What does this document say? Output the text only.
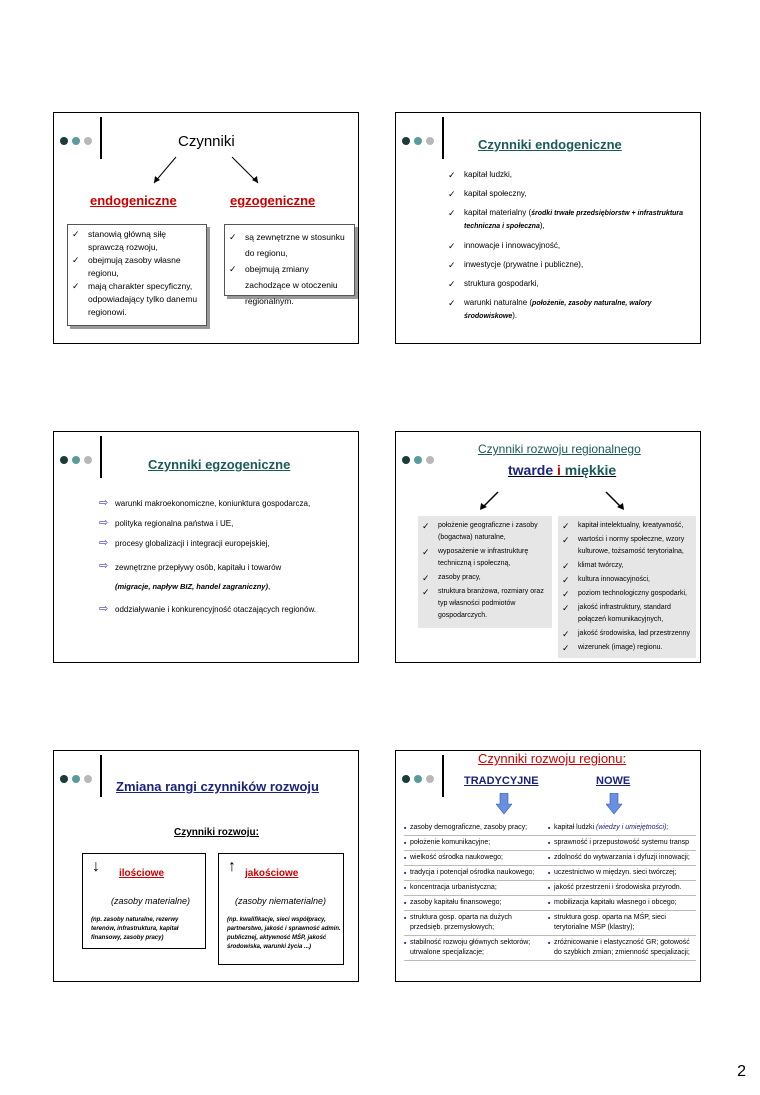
Czynniki
endogeniczne	egzogeniczne
✓ stanowią główną siłę sprawczą rozwoju,
✓ obejmują zasoby własne regionu,
✓ mają charakter specyficzny, odpowiadający tylko danemu regionowi.
✓ są zewnętrzne w stosunku do regionu,
✓ obejmują zmiany zachodzące w otoczeniu regionalnym.
Czynniki endogeniczne
✓ kapitał ludzki,
✓ kapitał społeczny,
✓ kapitał materialny (środki trwałe przedsiębiorstw + infrastruktura techniczna i społeczna),
✓ innowacje i innowacyjność,
✓ inwestycje (prywatne i publiczne),
✓ struktura gospodarki,
✓ warunki naturalne (położenie, zasoby naturalne, walory środowiskowe).
Czynniki egzogeniczne
⇨ warunki makroekonomiczne, koniunktura gospodarcza,
⇨ polityka regionalna państwa i UE,
⇨ procesy globalizacji i integracji europejskiej,
⇨ zewnętrzne przepływy osób, kapitału i towarów
(migracje, napływ BIZ, handel zagraniczny),
⇨ oddziaływanie i konkurencyjność otaczających regionów.
Czynniki rozwoju regionalnego
twarde i miękkie
✓ położenie geograficzne i zasoby (bogactwa) naturalne,
✓ wyposażenie w infrastrukturę techniczną i społeczną,
✓ zasoby pracy,
✓ struktura branżowa, rozmiary oraz typ własności podmiotów gospodarczych.
✓ kapitał intelektualny, kreatywność,
✓ wartości i normy społeczne, wzory kulturowe, tożsamość terytorialna,
✓ klimat twórczy,
✓ kultura innowacyjności,
✓ poziom technologiczny gospodarki,
✓ jakość infrastruktury, standard połączeń komunikacyjnych,
✓ jakość środowiska, ład przestrzenny
✓ wizerunek (image) regionu.
Zmiana rangi czynników rozwoju
Czynniki rozwoju:
↓ ilościowe
(zasoby materialne)
(np. zasoby naturalne, rezerwy terenów, infrastruktura, kapitał finansowy, zasoby pracy)
↑ jakościowe
(zasoby niematerialne)
(np. kwalifikacje, sieci współpracy, partnerstwo, jakość i sprawność admin. publicznej, aktywność MŚP, jakość środowiska, warunki życia ...)
Czynniki rozwoju regionu:
TRADYCYJNE	NOWE
■ zasoby demograficzne, zasoby pracy;	■ kapitał ludzki (wiedzy i umiejętności);
■ położenie komunikacyjne;	■ sprawność i przepustowość systemu transp
■ wielkość ośrodka naukowego;	■ zdolność do wytwarzania i dyfuzji innowacji;
■ tradycja i potencjał ośrodka naukowego;	■ uczestnictwo w międzyn. sieci twórczej;
■ koncentracja urbanistyczna;	■ jakość przestrzeni i środowiska przyrodn.
■ zasoby kapitału finansowego;	■ mobilizacja kapitału własnego i obcego;
■ struktura gosp. oparta na dużych przedsięb. przemysłowych;	■ struktura gosp. oparta na MŚP, sieci terytorialne MŚP (klastry);
■ stabilność rozwoju głównych sektorów; utrwalone specjalizacje;	■ zróżnicowanie i elastyczność GR; gotowość do szybkich zmian; zmienność specjalizacji;
2
